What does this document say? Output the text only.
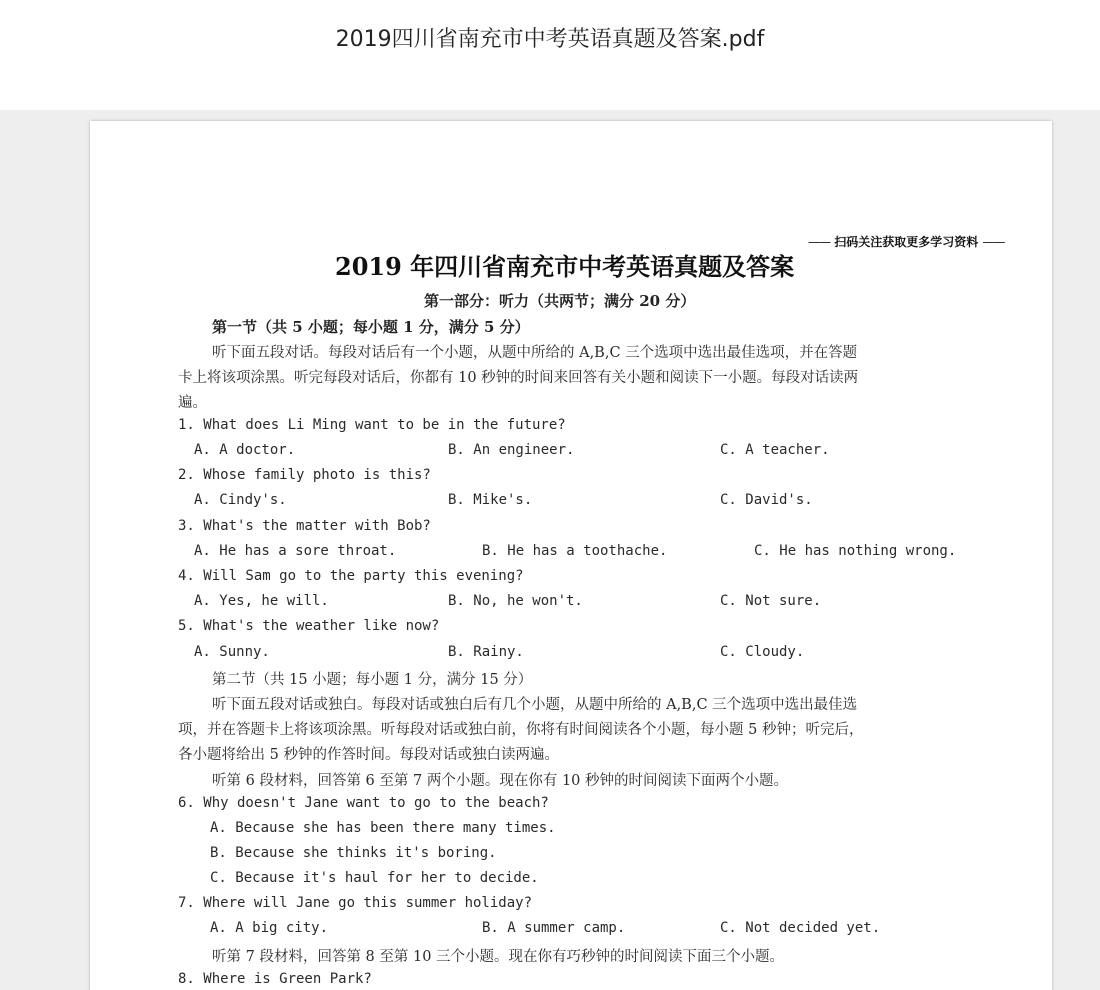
2019四川省南充市中考英语真题及答案.pdf
—— 扫码关注获取更多学习资料 ——
2019 年四川省南充市中考英语真题及答案
第一部分：听力（共两节；满分 20 分）
第一节（共 5 小题；每小题 1 分，满分 5 分）
听下面五段对话。每段对话后有一个小题，从题中所给的 A,B,C 三个选项中选出最佳选项，并在答题
卡上将该项涂黑。听完每段对话后，你都有 10 秒钟的时间来回答有关小题和阅读下一小题。每段对话读两
遍。
1. What does Li Ming want to be in the future?
A. A doctor.	B. An engineer.	C. A teacher.
2. Whose family photo is this?
A. Cindy's.	B. Mike's.	C. David's.
3. What's the matter with Bob?
A. He has a sore throat.	B. He has a toothache.	C. He has nothing wrong.
4. Will Sam go to the party this evening?
A. Yes, he will.	B. No, he won't.	C. Not sure.
5. What's the weather like now?
A. Sunny.	B. Rainy.	C. Cloudy.
第二节（共 15 小题；每小题 1 分，满分 15 分）
听下面五段对话或独白。每段对话或独白后有几个小题，从题中所给的 A,B,C 三个选项中选出最佳选
项，并在答题卡上将该项涂黑。听每段对话或独白前，你将有时间阅读各个小题，每小题 5 秒钟；听完后，
各小题将给出 5 秒钟的作答时间。每段对话或独白读两遍。
听第 6 段材料，回答第 6 至第 7 两个小题。现在你有 10 秒钟的时间阅读下面两个小题。
6. Why doesn't Jane want to go to the beach?
A. Because she has been there many times.
B. Because she thinks it's boring.
C. Because it's haul for her to decide.
7. Where will Jane go this summer holiday?
A. A big city.	B. A summer camp.	C. Not decided yet.
听第 7 段材料，回答第 8 至第 10 三个小题。现在你有巧秒钟的时间阅读下面三个小题。
8. Where is Green Park?
